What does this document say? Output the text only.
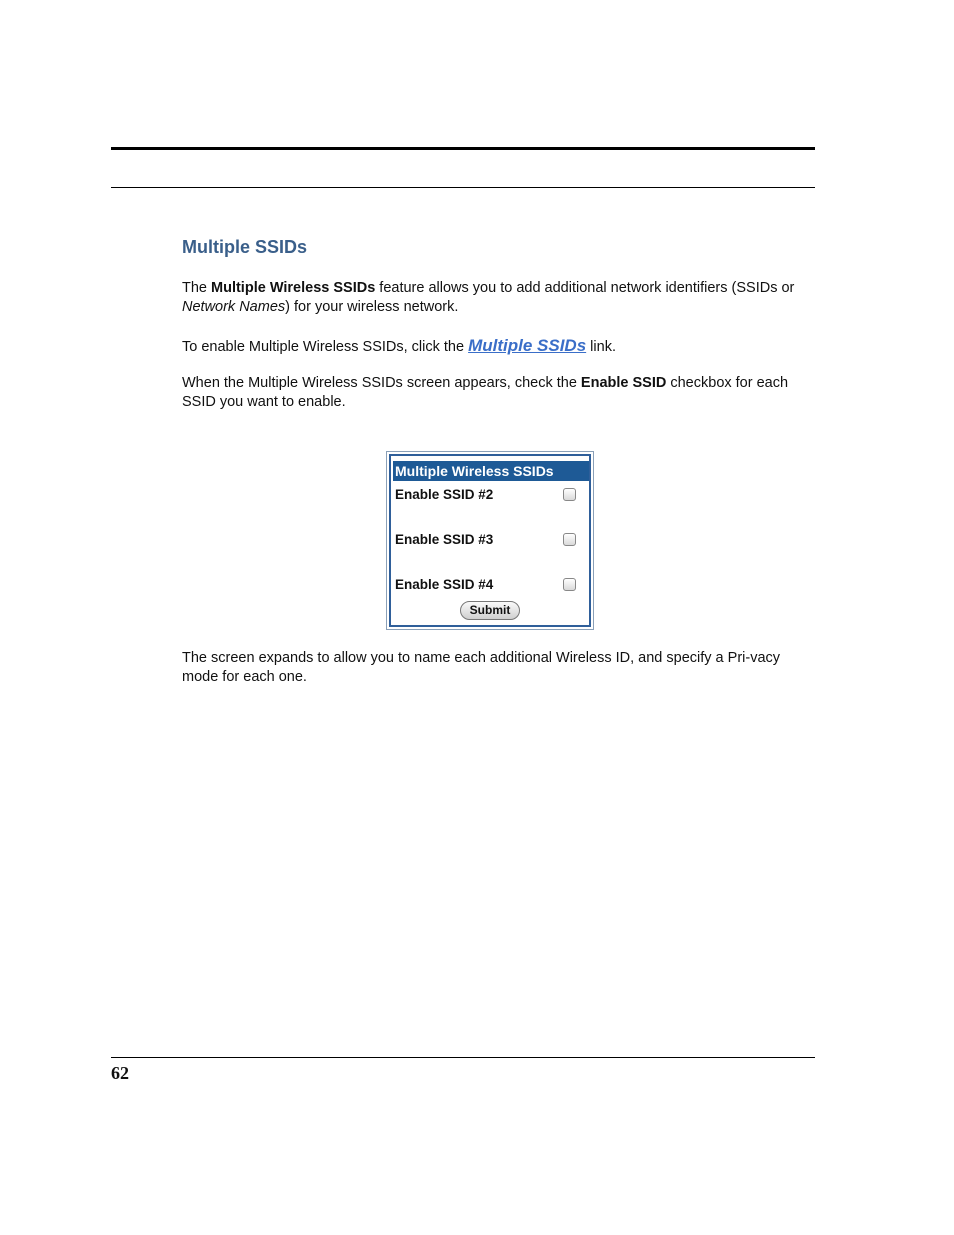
Multiple SSIDs
The Multiple Wireless SSIDs feature allows you to add additional network identifiers (SSIDs or Network Names) for your wireless network.
To enable Multiple Wireless SSIDs, click the Multiple SSIDs link.
When the Multiple Wireless SSIDs screen appears, check the Enable SSID checkbox for each SSID you want to enable.
Multiple Wireless SSIDs
Enable SSID #2
Enable SSID #3
Enable SSID #4
Submit
The screen expands to allow you to name each additional Wireless ID, and specify a Pri-vacy mode for each one.
62
